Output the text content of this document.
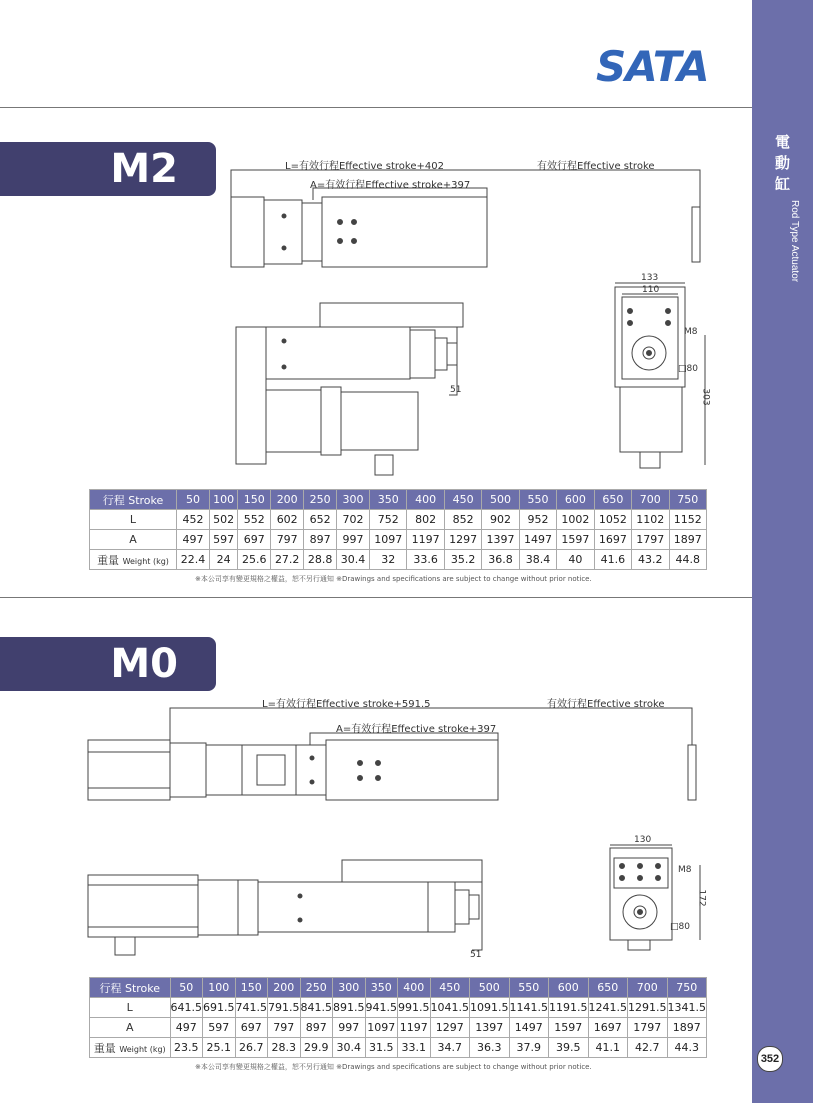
SATA
電
動
缸
Rod Type Actuator
352
M2	L=有效行程Effective stroke+402
A=有效行程Effective stroke+397
有效行程Effective stroke
133
110
M8
□80
303
51
行程 Stroke	50	100	150	200	250	300	350	400	450	500	550	600	650	700	750
L	452	502	552	602	652	702	752	802	852	902	952	1002	1052	1102	1152
A	497	597	697	797	897	997	1097	1197	1297	1397	1497	1597	1697	1797	1897
重量 Weight (kg)	22.4	24	25.6	27.2	28.8	30.4	32	33.6	35.2	36.8	38.4	40	41.6	43.2	44.8
※本公司享有變更規格之權益，恕不另行通知 ※Drawings and specifications are subject to change without prior notice.
M0
L=有效行程Effective stroke+591.5
A=有效行程Effective stroke+397
有效行程Effective stroke
130
M8
172
□80
51
行程 Stroke	50	100	150	200	250	300	350	400	450	500	550	600	650	700	750
L	641.5	691.5	741.5	791.5	841.5	891.5	941.5	991.5	1041.5	1091.5	1141.5	1191.5	1241.5	1291.5	1341.5
A	497	597	697	797	897	997	1097	1197	1297	1397	1497	1597	1697	1797	1897
重量 Weight (kg)	23.5	25.1	26.7	28.3	29.9	30.4	31.5	33.1	34.7	36.3	37.9	39.5	41.1	42.7	44.3
※本公司享有變更規格之權益，恕不另行通知 ※Drawings and specifications are subject to change without prior notice.
